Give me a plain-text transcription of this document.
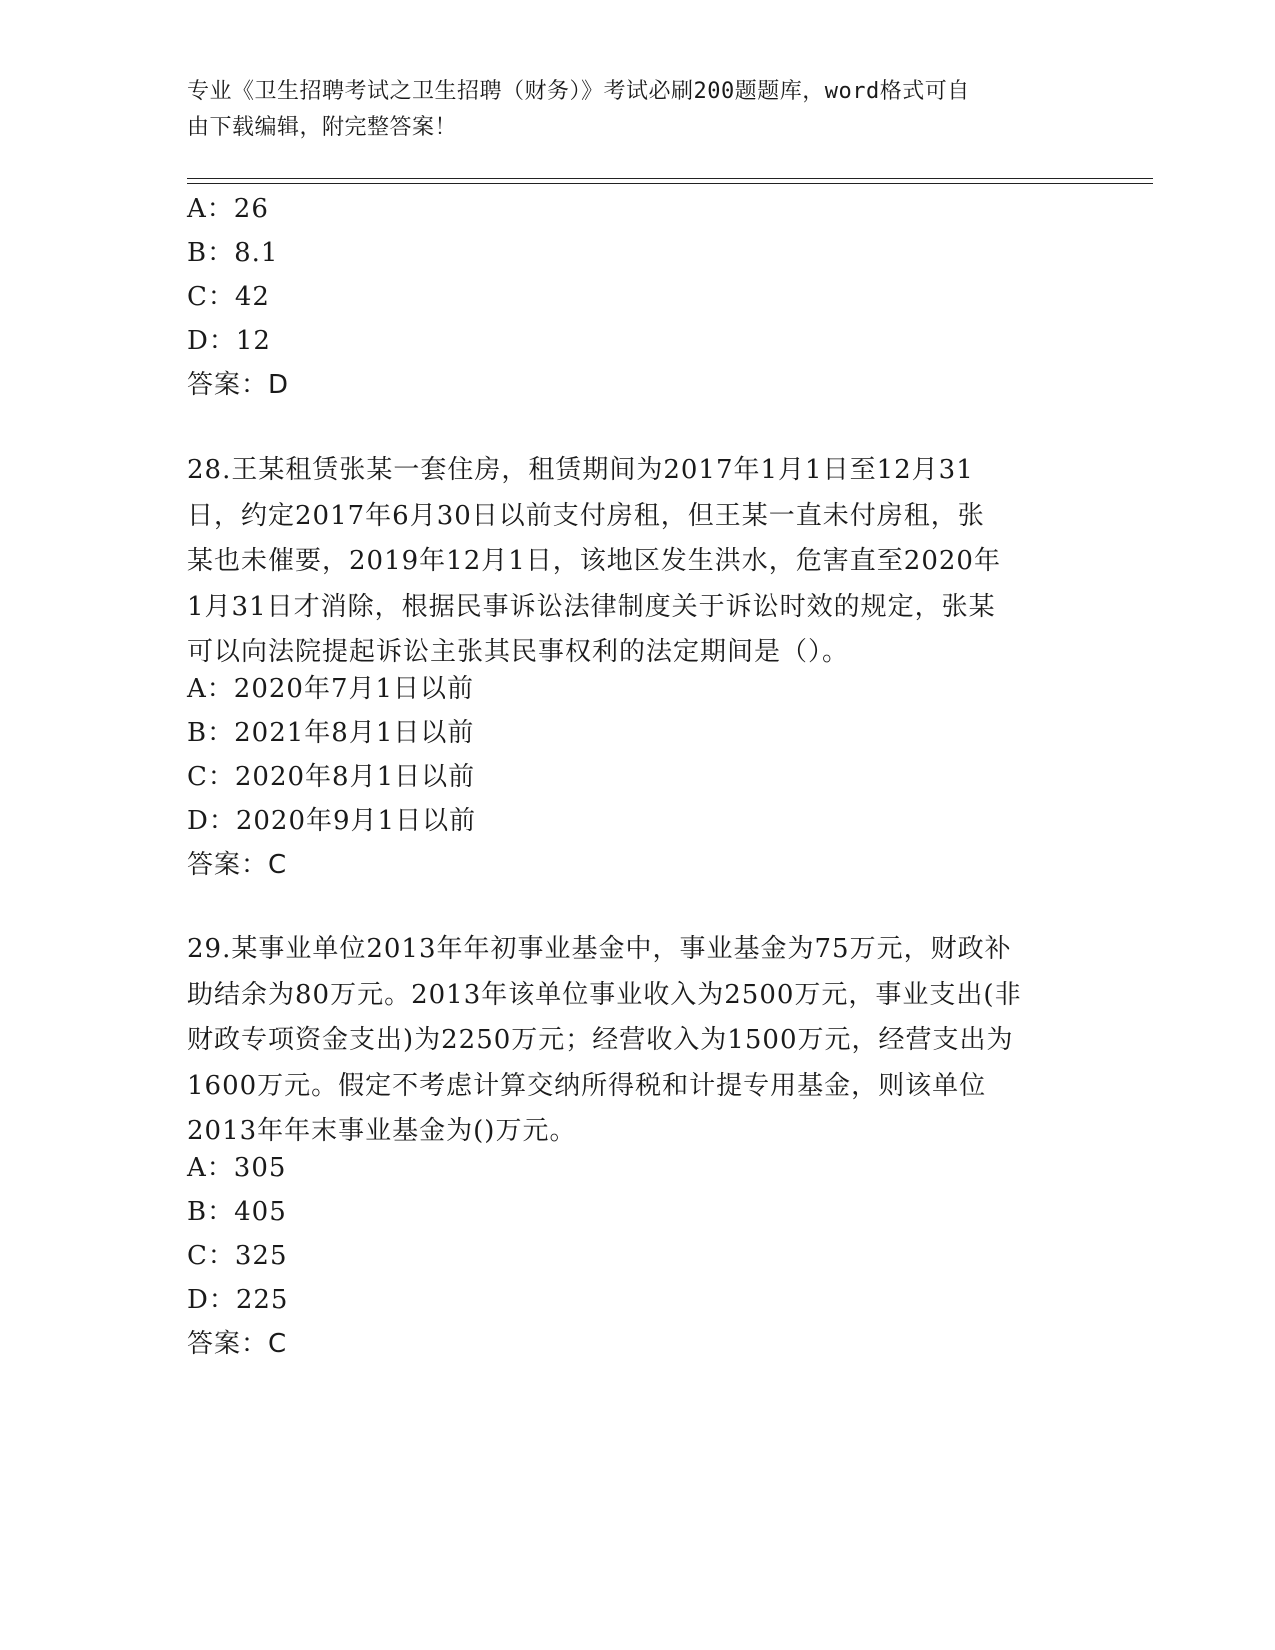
专业《卫生招聘考试之卫生招聘（财务）》考试必刷200题题库，word格式可自
由下载编辑，附完整答案！
A：26
B：8.1
C：42
D：12
答案：D
28.王某租赁张某一套住房，租赁期间为2017年1月1日至12月31
日，约定2017年6月30日以前支付房租，但王某一直未付房租，张
某也未催要，2019年12月1日，该地区发生洪水，危害直至2020年
1月31日才消除，根据民事诉讼法律制度关于诉讼时效的规定，张某
可以向法院提起诉讼主张其民事权利的法定期间是（）。
A：2020年7月1日以前
B：2021年8月1日以前
C：2020年8月1日以前
D：2020年9月1日以前
答案：C
29.某事业单位2013年年初事业基金中，事业基金为75万元，财政补
助结余为80万元。2013年该单位事业收入为2500万元，事业支出(非
财政专项资金支出)为2250万元；经营收入为1500万元，经营支出为
1600万元。假定不考虑计算交纳所得税和计提专用基金，则该单位
2013年年末事业基金为()万元。
A：305
B：405
C：325
D：225
答案：C
